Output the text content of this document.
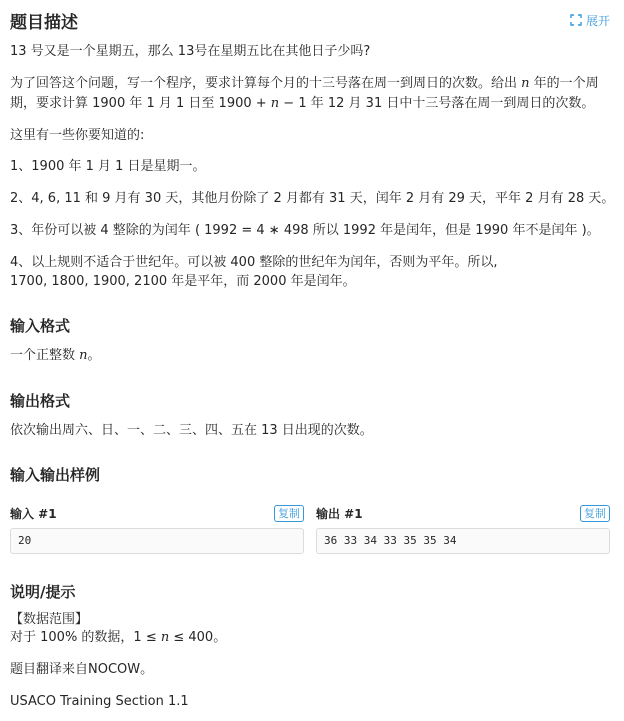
题目描述	展开
13 号又是一个星期五，那么 13号在星期五比在其他日子少吗?
为了回答这个问题，写一个程序，要求计算每个月的十三号落在周一到周日的次数。给出 n 年的一个周
期，要求计算 1900 年 1 月 1 日至 1900 + n − 1 年 12 月 31 日中十三号落在周一到周日的次数。
这里有一些你要知道的:
1、1900 年 1 月 1 日是星期一。
2、4, 6, 11 和 9 月有 30 天，其他月份除了 2 月都有 31 天，闰年 2 月有 29 天，平年 2 月有 28 天。
3、年份可以被 4 整除的为闰年 ( 1992 = 4 ∗ 498 所以 1992 年是闰年，但是 1990 年不是闰年 )。
4、以上规则不适合于世纪年。可以被 400 整除的世纪年为闰年，否则为平年。所以,
1700, 1800, 1900, 2100 年是平年，而 2000 年是闰年。
输入格式
一个正整数 n。
输出格式
依次输出周六、日、一、二、三、四、五在 13 日出现的次数。
输入输出样例
输入 #1	复制
20
输出 #1	复制
36 33 34 33 35 35 34
说明/提示
【数据范围】
对于 100% 的数据，1 ≤ n ≤ 400。
题目翻译来自NOCOW。
USACO Training Section 1.1
